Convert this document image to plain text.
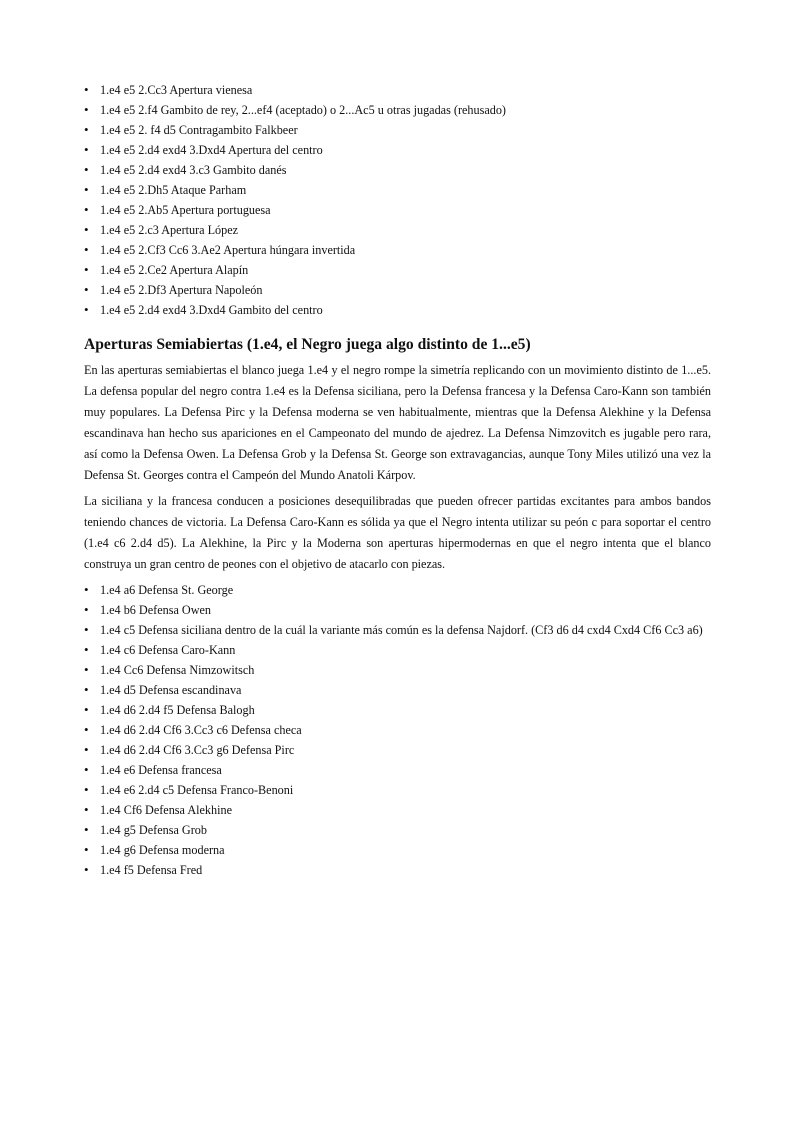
• 1.e4 e5 2.Cc3 Apertura vienesa
• 1.e4 e5 2.f4 Gambito de rey, 2...ef4 (aceptado) o 2...Ac5 u otras jugadas (rehusado)
• 1.e4 e5 2. f4 d5 Contragambito Falkbeer
• 1.e4 e5 2.d4 exd4 3.Dxd4 Apertura del centro
• 1.e4 e5 2.d4 exd4 3.c3 Gambito danés
• 1.e4 e5 2.Dh5 Ataque Parham
• 1.e4 e5 2.Ab5 Apertura portuguesa
• 1.e4 e5 2.c3 Apertura López
• 1.e4 e5 2.Cf3 Cc6 3.Ae2 Apertura húngara invertida
• 1.e4 e5 2.Ce2 Apertura Alapín
• 1.e4 e5 2.Df3 Apertura Napoleón
• 1.e4 e5 2.d4 exd4 3.Dxd4 Gambito del centro
Aperturas Semiabiertas (1.e4, el Negro juega algo distinto de 1...e5)

En las aperturas semiabiertas el blanco juega 1.e4 y el negro rompe la simetría replicando con un movimiento distinto de 1...e5. La defensa popular del negro contra 1.e4 es la Defensa siciliana, pero la Defensa francesa y la Defensa Caro-Kann son también muy populares. La Defensa Pirc y la Defensa moderna se ven habitualmente, mientras que la Defensa Alekhine y la Defensa escandinava han hecho sus apariciones en el Campeonato del mundo de ajedrez. La Defensa Nimzovitch es jugable pero rara, así como la Defensa Owen. La Defensa Grob y la Defensa St. George son extravagancias, aunque Tony Miles utilizó una vez la Defensa St. Georges contra el Campeón del Mundo Anatoli Kárpov.

La siciliana y la francesa conducen a posiciones desequilibradas que pueden ofrecer partidas excitantes para ambos bandos teniendo chances de victoria. La Defensa Caro-Kann es sólida ya que el Negro intenta utilizar su peón c para soportar el centro (1.e4 c6 2.d4 d5). La Alekhine, la Pirc y la Moderna son aperturas hipermodernas en que el negro intenta que el blanco construya un gran centro de peones con el objetivo de atacarlo con piezas.

• 1.e4 a6 Defensa St. George
• 1.e4 b6 Defensa Owen
• 1.e4 c5 Defensa siciliana dentro de la cuál la variante más común es la defensa Najdorf. (Cf3 d6 d4 cxd4 Cxd4 Cf6 Cc3 a6)
• 1.e4 c6 Defensa Caro-Kann
• 1.e4 Cc6 Defensa Nimzowitsch
• 1.e4 d5 Defensa escandinava
• 1.e4 d6 2.d4 f5 Defensa Balogh
• 1.e4 d6 2.d4 Cf6 3.Cc3 c6 Defensa checa
• 1.e4 d6 2.d4 Cf6 3.Cc3 g6 Defensa Pirc
• 1.e4 e6 Defensa francesa
• 1.e4 e6 2.d4 c5 Defensa Franco-Benoni
• 1.e4 Cf6 Defensa Alekhine
• 1.e4 g5 Defensa Grob
• 1.e4 g6 Defensa moderna
• 1.e4 f5 Defensa Fred
